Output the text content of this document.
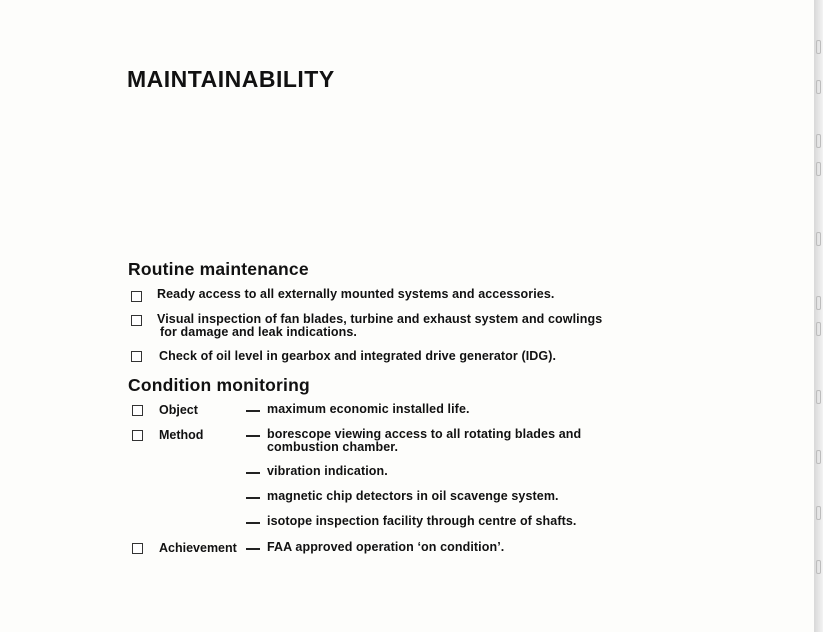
MAINTAINABILITY
Routine maintenance
Ready access to all externally mounted systems and accessories.
Visual inspection of fan blades, turbine and exhaust system and cowlings
for damage and leak indications.
Check of oil level in gearbox and integrated drive generator (IDG).
Condition monitoring
Object	maximum economic installed life.
Method	borescope viewing access to all rotating blades and
combustion chamber.
vibration indication.
magnetic chip detectors in oil scavenge system.
isotope inspection facility through centre of shafts.
Achievement FAA approved operation ‘on condition’.
